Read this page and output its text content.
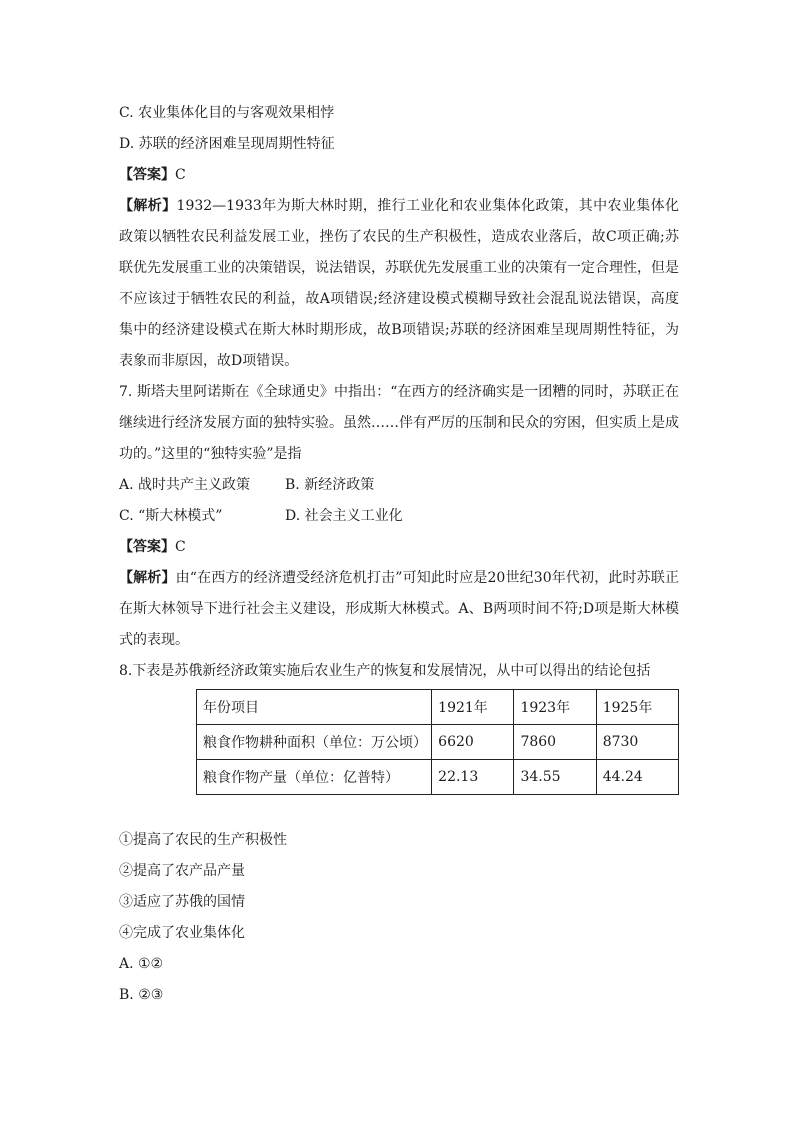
C. 农业集体化目的与客观效果相悖
D. 苏联的经济困难呈现周期性特征
【答案】C
【解析】1932—1933年为斯大林时期，推行工业化和农业集体化政策，其中农业集体化政策以牺牲农民利益发展工业，挫伤了农民的生产积极性，造成农业落后，故C项正确;苏联优先发展重工业的决策错误，说法错误，苏联优先发展重工业的决策有一定合理性，但是不应该过于牺牲农民的利益，故A项错误;经济建设模式模糊导致社会混乱说法错误，高度集中的经济建设模式在斯大林时期形成，故B项错误;苏联的经济困难呈现周期性特征，为表象而非原因，故D项错误。
7. 斯塔夫里阿诺斯在《全球通史》中指出：“在西方的经济确实是一团糟的同时，苏联正在继续进行经济发展方面的独特实验。虽然……伴有严厉的压制和民众的穷困，但实质上是成功的。”这里的“独特实验”是指
A. 战时共产主义政策 B. 新经济政策
C. “斯大林模式”	D. 社会主义工业化
【答案】C
【解析】由“在西方的经济遭受经济危机打击”可知此时应是20世纪30年代初，此时苏联正在斯大林领导下进行社会主义建设，形成斯大林模式。A、B两项时间不符;D项是斯大林模式的表现。
8.下表是苏俄新经济政策实施后农业生产的恢复和发展情况，从中可以得出的结论包括
年份项目	1921年	1923年	1925年
粮食作物耕种面积（单位：万公顷）	6620	7860	8730
粮食作物产量（单位：亿普特）	22.13	34.55	44.24
①提高了农民的生产积极性
②提高了农产品产量
③适应了苏俄的国情
④完成了农业集体化
A. ①②
B. ②③
